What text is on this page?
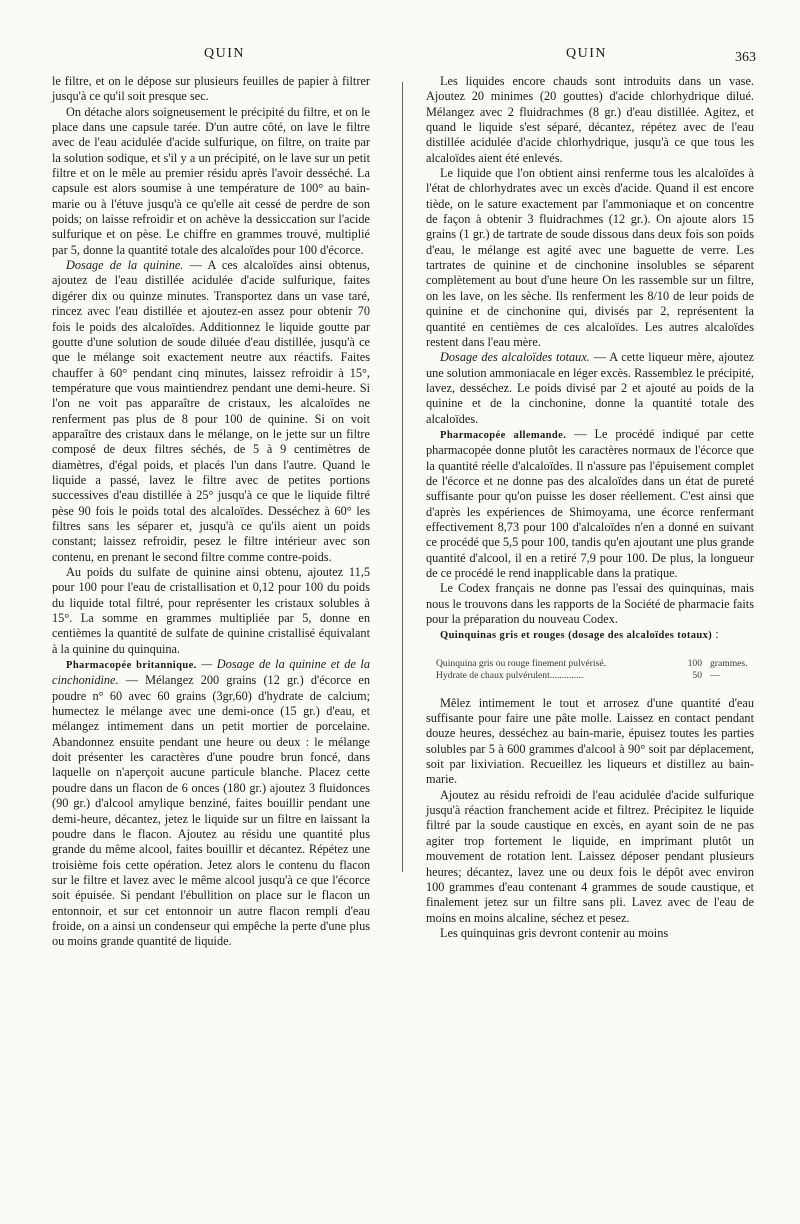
QUIN	QUIN	363

le filtre, et on le dépose sur plusieurs feuilles de papier à filtrer jusqu'à ce qu'il soit presque sec.

On détache alors soigneusement le précipité du filtre, et on le place dans une capsule tarée. D'un autre côté, on lave le filtre avec de l'eau acidulée d'acide sulfurique, on filtre, on traite par la solution sodique, et s'il y a un précipité, on le lave sur un petit filtre et on le mêle au premier résidu après l'avoir desséché. La capsule est alors soumise à une température de 100° au bain-marie ou à l'étuve jusqu'à ce qu'elle ait cessé de perdre de son poids; on laisse refroidir et on achève la dessiccation sur l'acide sulfurique et on pèse. Le chiffre en grammes trouvé, multiplié par 5, donne la quantité totale des alcaloïdes pour 100 d'écorce.

Dosage de la quinine. — A ces alcaloïdes ainsi obtenus, ajoutez de l'eau distillée acidulée d'acide sulfurique, faites digérer dix ou quinze minutes. Transportez dans un vase taré, rincez avec l'eau distillée et ajoutez-en assez pour obtenir 70 fois le poids des alcaloïdes. Additionnez le liquide goutte par goutte d'une solution de soude diluée d'eau distillée, jusqu'à ce que le mélange soit exactement neutre aux réactifs. Faites chauffer à 60° pendant cinq minutes, laissez refroidir à 15°, température que vous maintiendrez pendant une demi-heure. Si l'on ne voit pas apparaître de cristaux, les alcaloïdes ne renferment pas plus de 8 pour 100 de quinine. Si on voit apparaître des cristaux dans le mélange, on le jette sur un filtre composé de deux filtres séchés, de 5 à 9 centimètres de diamètres, d'égal poids, et placés l'un dans l'autre. Quand le liquide a passé, lavez le filtre avec de petites portions successives d'eau distillée à 25° jusqu'à ce que le liquide filtré pèse 90 fois le poids total des alcaloïdes. Desséchez à 60° les filtres sans les séparer et, jusqu'à ce qu'ils aient un poids constant; laissez refroidir, pesez le filtre intérieur avec son contenu, en prenant le second filtre comme contre-poids.

Au poids du sulfate de quinine ainsi obtenu, ajoutez 11,5 pour 100 pour l'eau de cristallisation et 0,12 pour 100 du poids du liquide total filtré, pour représenter les cristaux solubles à 15°. La somme en grammes multipliée par 5, donne en centièmes la quantité de sulfate de quinine cristallisé équivalant à la quinine du quinquina.

Pharmacopée britannique. — Dosage de la quinine et de la cinchonidine. — Mélangez 200 grains (12 gr.) d'écorce en poudre n° 60 avec 60 grains (3gr,60) d'hydrate de calcium; humectez le mélange avec une demi-once (15 gr.) d'eau, et mélangez intimement dans un petit mortier de porcelaine. Abandonnez ensuite pendant une heure ou deux : le mélange doit présenter les caractères d'une poudre brun foncé, dans laquelle on n'aperçoit aucune particule blanche. Placez cette poudre dans un flacon de 6 onces (180 gr.) ajoutez 3 fluidonces (90 gr.) d'alcool amylique benziné, faites bouillir pendant une demi-heure, décantez, jetez le liquide sur un filtre en laissant la poudre dans le flacon. Ajoutez au résidu une quantité plus grande du même alcool, faites bouillir et décantez. Répétez une troisième fois cette opération. Jetez alors le contenu du flacon sur le filtre et lavez avec le même alcool jusqu'à ce que l'écorce soit épuisée. Si pendant l'ébullition on place sur le flacon un entonnoir, et sur cet entonnoir un autre flacon rempli d'eau froide, on a ainsi un condenseur qui empêche la perte d'une plus ou moins grande quantité de liquide.

Les liquides encore chauds sont introduits dans un vase. Ajoutez 20 minimes (20 gouttes) d'acide chlorhydrique dilué. Mélangez avec 2 fluidrachmes (8 gr.) d'eau distillée. Agitez, et quand le liquide s'est séparé, décantez, répétez avec de l'eau distillée acidulée d'acide chlorhydrique, jusqu'à ce que tous les alcaloïdes aient été enlevés.

Le liquide que l'on obtient ainsi renferme tous les alcaloïdes à l'état de chlorhydrates avec un excès d'acide. Quand il est encore tiède, on le sature exactement par l'ammoniaque et on concentre de façon à obtenir 3 fluidrachmes (12 gr.). On ajoute alors 15 grains (1 gr.) de tartrate de soude dissous dans deux fois son poids d'eau, le mélange est agité avec une baguette de verre. Les tartrates de quinine et de cinchonine insolubles se séparent complètement au bout d'une heure On les rassemble sur un filtre, on les lave, on les sèche. Ils renferment les 8/10 de leur poids de quinine et de cinchonine qui, divisés par 2, représentent la quantité en centièmes de ces alcaloïdes. Les autres alcaloïdes restent dans l'eau mère.

Dosage des alcaloïdes totaux. — A cette liqueur mère, ajoutez une solution ammoniacale en léger excès. Rassemblez le précipité, lavez, desséchez. Le poids divisé par 2 et ajouté au poids de la quinine et de la cinchonine, donne la quantité totale des alcaloïdes.

Pharmacopée allemande. — Le procédé indiqué par cette pharmacopée donne plutôt les caractères normaux de l'écorce que la quantité réelle d'alcaloïdes. Il n'assure pas l'épuisement complet de l'écorce et ne donne pas des alcaloïdes dans un état de pureté suffisante pour qu'on puisse les doser réellement. C'est ainsi que d'après les expériences de Shimoyama, une écorce renfermant effectivement 8,73 pour 100 d'alcaloïdes n'en a donné en suivant ce procédé que 5,5 pour 100, tandis qu'en ajoutant une plus grande quantité d'alcool, il en a retiré 7,9 pour 100. De plus, la longueur de ce procédé le rend inapplicable dans la pratique.

Le Codex français ne donne pas l'essai des quinquinas, mais nous le trouvons dans les rapports de la Société de pharmacie faits pour la préparation du nouveau Codex.

Quinquinas gris et rouges (dosage des alcaloïdes totaux) :

Quinquina gris ou rouge finement pulvérisé.	100 grammes.
Hydrate de chaux pulvérulent..............	50 —

Mêlez intimement le tout et arrosez d'une quantité d'eau suffisante pour faire une pâte molle. Laissez en contact pendant douze heures, desséchez au bain-marie, épuisez toutes les parties solubles par 5 à 600 grammes d'alcool à 90° soit par déplacement, soit par lixiviation. Recueillez les liqueurs et distillez au bain-marie.

Ajoutez au résidu refroidi de l'eau acidulée d'acide sulfurique jusqu'à réaction franchement acide et filtrez. Précipitez le liquide filtré par la soude caustique en excès, en ayant soin de ne pas agiter trop fortement le liquide, en imprimant plutôt un mouvement de rotation lent. Laissez déposer pendant plusieurs heures; décantez, lavez une ou deux fois le dépôt avec environ 100 grammes d'eau contenant 4 grammes de soude caustique, et finalement jetez sur un filtre sans pli. Lavez avec de l'eau de moins en moins alcaline, séchez et pesez.

Les quinquinas gris devront contenir au moins
